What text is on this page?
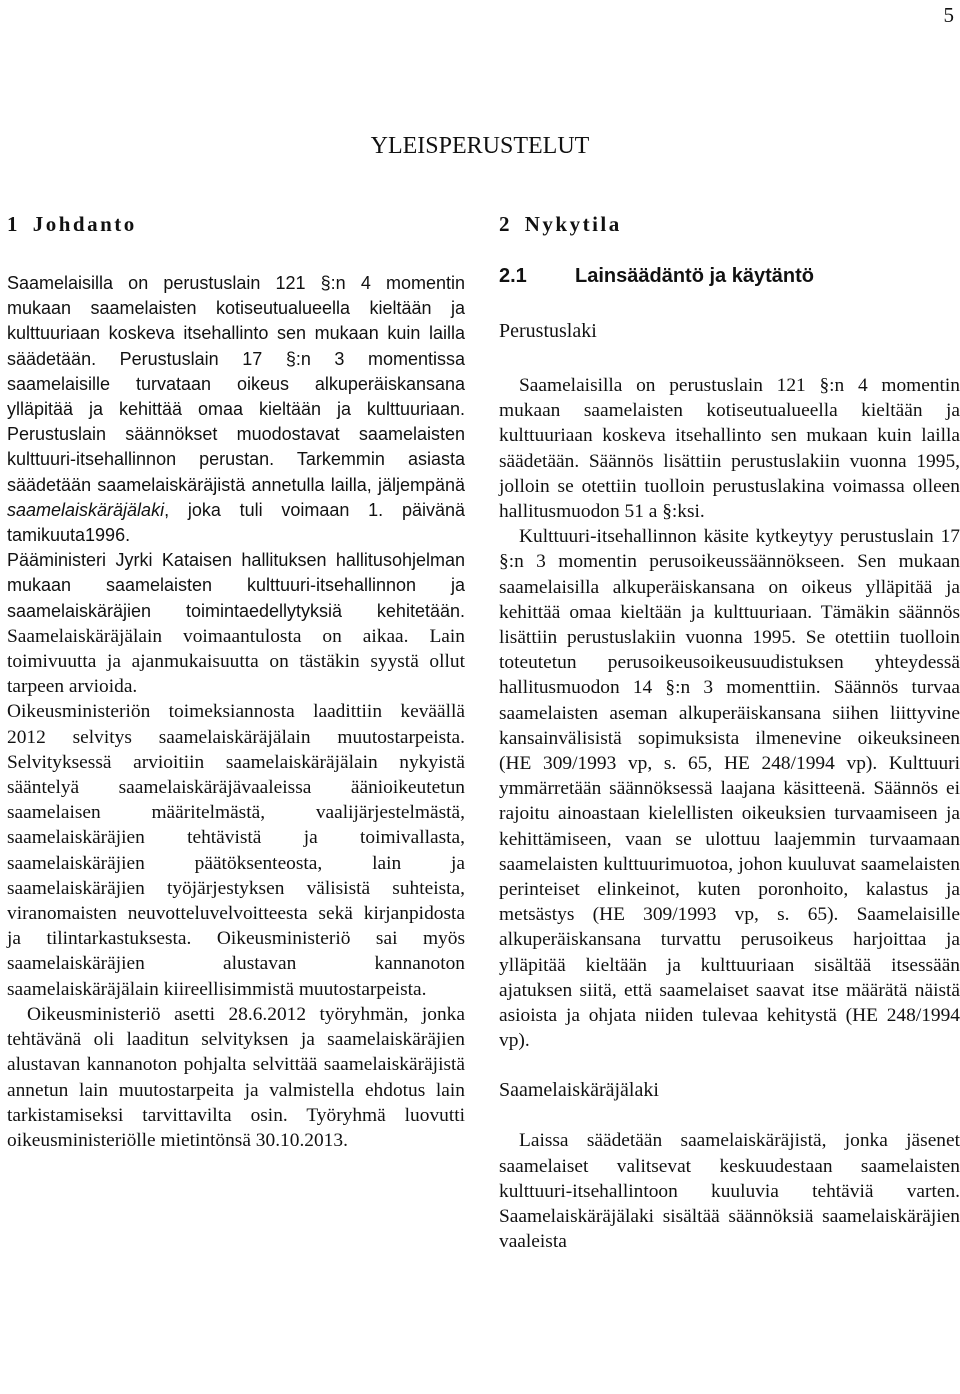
5
YLEISPERUSTELUT
1 Johdanto

Saamelaisilla on perustuslain 121 §:n 4 momentin mukaan saamelaisten kotiseutualueella kieltään ja kulttuuriaan koskeva itsehallinto sen mukaan kuin lailla säädetään. Perustuslain 17 §:n 3 momentissa saamelaisille turvataan oikeus alkuperäiskansana ylläpitää ja kehittää omaa kieltään ja kulttuuriaan. Perustuslain säännökset muodostavat saamelaisten kulttuuri-itsehallinnon perustan. Tarkemmin asiasta säädetään saamelaiskäräjistä annetulla lailla, jäljempänä saamelaiskäräjälaki, joka tuli voimaan 1. päivänä tamikuuta1996.

Pääministeri Jyrki Kataisen hallituksen hallitusohjelman mukaan saamelaisten kulttuuri-itsehallinnon ja saamelaiskäräjien toimintaedellytyksiä kehitetään. Saamelaiskäräjälain voimaantulosta on aikaa. Lain toimivuutta ja ajanmukaisuutta on tästäkin syystä ollut tarpeen arvioida.

Oikeusministeriön toimeksiannosta laadittiin keväällä 2012 selvitys saamelaiskäräjälain muutostarpeista. Selvityksessä arvioitiin saamelaiskäräjälain nykyistä sääntelyä saamelaiskäräjävaaleissa äänioikeutetun saamelaisen määritelmästä, vaalijärjestelmästä, saamelaiskäräjien tehtävistä ja toimivallasta, saamelaiskäräjien päätöksenteosta, lain ja saamelaiskäräjien työjärjestyksen välisistä suhteista, viranomaisten neuvotteluvelvoitteesta sekä kirjanpidosta ja tilintarkastuksesta. Oikeusministeriö sai myös saamelaiskäräjien alustavan kannanoton saamelaiskäräjälain kiireellisimmistä muutostarpeista.

Oikeusministeriö asetti 28.6.2012 työryhmän, jonka tehtävänä oli laaditun selvityksen ja saamelaiskäräjien alustavan kannanoton pohjalta selvittää saamelaiskäräjistä annetun lain muutostarpeita ja valmistella ehdotus lain tarkistamiseksi tarvittavilta osin. Työryhmä luovutti oikeusministeriölle mietintönsä 30.10.2013.

2 Nykytila
2.1 Lainsäädäntö ja käytäntö

Perustuslaki

Saamelaisilla on perustuslain 121 §:n 4 momentin mukaan saamelaisten kotiseutualueella kieltään ja kulttuuriaan koskeva itsehallinto sen mukaan kuin lailla säädetään. Säännös lisättiin perustuslakiin vuonna 1995, jolloin se otettiin tuolloin perustuslakina voimassa olleen hallitusmuodon 51 a §:ksi.

Kulttuuri-itsehallinnon käsite kytkeytyy perustuslain 17 §:n 3 momentin perusoikeussäännökseen. Sen mukaan saamelaisilla alkuperäiskansana on oikeus ylläpitää ja kehittää omaa kieltään ja kulttuuriaan. Tämäkin säännös lisättiin perustuslakiin vuonna 1995. Se otettiin tuolloin toteutetun perusoikeusoikeusuudistuksen yhteydessä hallitusmuodon 14 §:n 3 momenttiin. Säännös turvaa saamelaisten aseman alkuperäiskansana siihen liittyvine kansainvälisistä sopimuksista ilmenevine oikeuksineen (HE 309/1993 vp, s. 65, HE 248/1994 vp). Kulttuuri ymmärretään säännöksessä laajana käsitteenä. Säännös ei rajoitu ainoastaan kielellisten oikeuksien turvaamiseen ja kehittämiseen, vaan se ulottuu laajemmin turvaamaan saamelaisten kulttuurimuotoa, johon kuuluvat saamelaisten perinteiset elinkeinot, kuten poronhoito, kalastus ja metsästys (HE 309/1993 vp, s. 65). Saamelaisille alkuperäiskansana turvattu perusoikeus harjoittaa ja ylläpitää kieltään ja kulttuuriaan sisältää itsessään ajatuksen siitä, että saamelaiset saavat itse määrätä näistä asioista ja ohjata niiden tulevaa kehitystä (HE 248/1994 vp).

Saamelaiskäräjälaki

Laissa säädetään saamelaiskäräjistä, jonka jäsenet saamelaiset valitsevat keskuudestaan saamelaisten kulttuuri-itsehallintoon kuuluvia tehtäviä varten. Saamelaiskäräjälaki sisältää säännöksiä saamelaiskäräjien vaaleista
